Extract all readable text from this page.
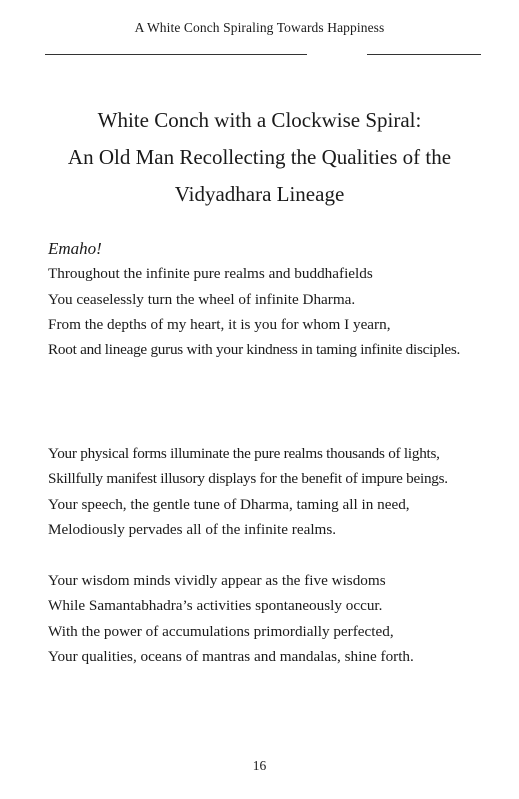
A White Conch Spiraling Towards Happiness

White Conch with a Clockwise Spiral:

An Old Man Recollecting the Qualities of the

Vidyadhara Lineage

Emaho!

Throughout the infinite pure realms and buddhafields

You ceaselessly turn the wheel of infinite Dharma.

From the depths of my heart, it is you for whom I yearn,

Root and lineage gurus with your kindness in taming infinite disciples.

Your physical forms illuminate the pure realms thousands of lights,

Skillfully manifest illusory displays for the benefit of impure beings.

Your speech, the gentle tune of Dharma, taming all in need,

Melodiously pervades all of the infinite realms.

Your wisdom minds vividly appear as the five wisdoms

While Samantabhadra’s activities spontaneously occur.

With the power of accumulations primordially perfected,

Your qualities, oceans of mantras and mandalas, shine forth.

16
